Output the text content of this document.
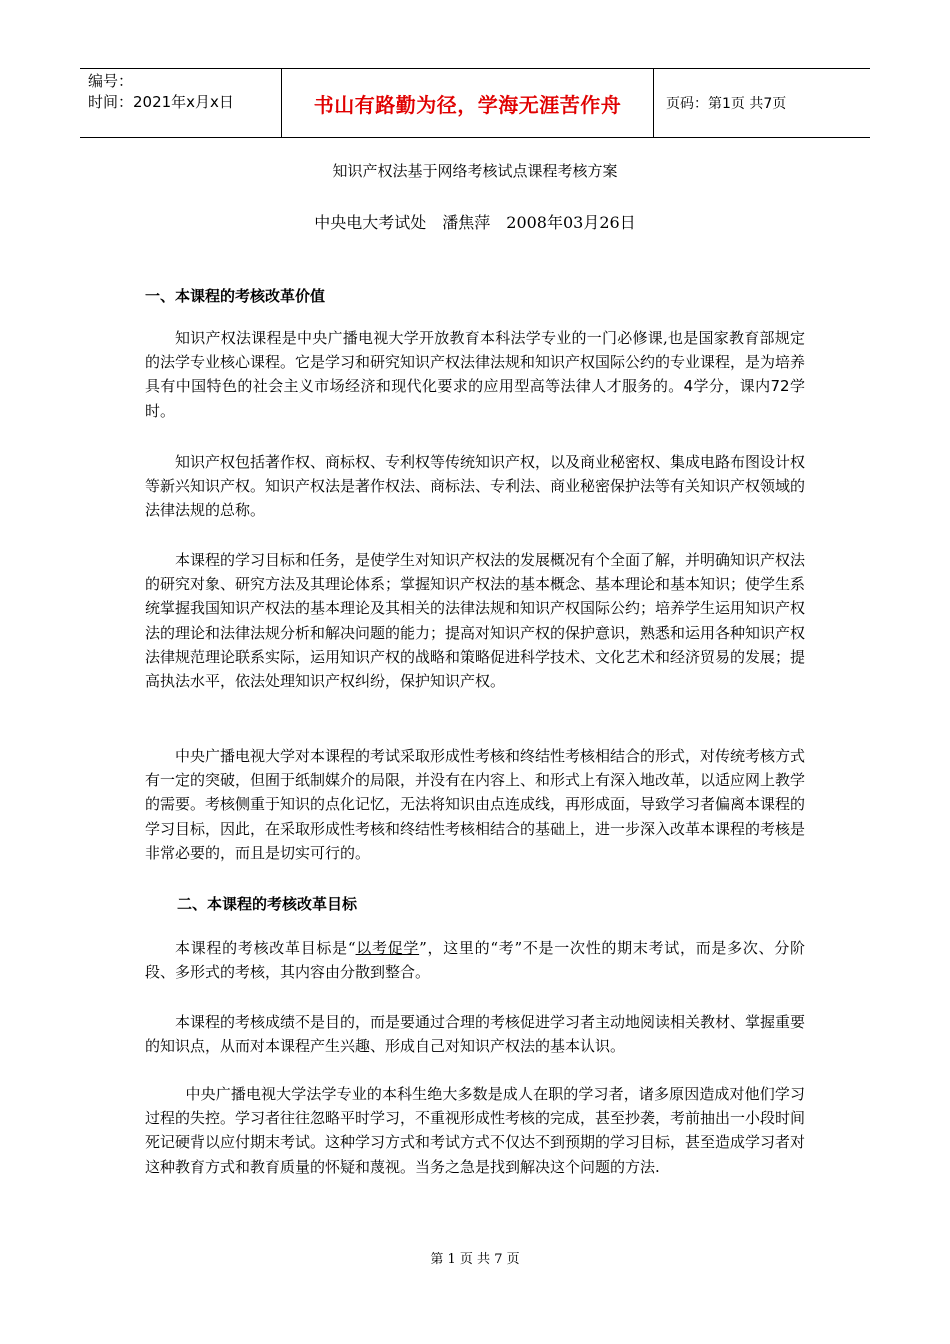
编号：
时间：2021年x月x日	书山有路勤为径，学海无涯苦作舟	页码：第1页 共7页
知识产权法基于网络考核试点课程考核方案
中央电大考试处　潘焦萍　2008年03月26日
一、本课程的考核改革价值

知识产权法课程是中央广播电视大学开放教育本科法学专业的一门必修课,也是国家教育部规定的法学专业核心课程。它是学习和研究知识产权法律法规和知识产权国际公约的专业课程，是为培养具有中国特色的社会主义市场经济和现代化要求的应用型高等法律人才服务的。4学分，课内72学时。

知识产权包括著作权、商标权、专利权等传统知识产权，以及商业秘密权、集成电路布图设计权等新兴知识产权。知识产权法是著作权法、商标法、专利法、商业秘密保护法等有关知识产权领域的法律法规的总称。

本课程的学习目标和任务，是使学生对知识产权法的发展概况有个全面了解，并明确知识产权法的研究对象、研究方法及其理论体系；掌握知识产权法的基本概念、基本理论和基本知识；使学生系统掌握我国知识产权法的基本理论及其相关的法律法规和知识产权国际公约；培养学生运用知识产权法的理论和法律法规分析和解决问题的能力；提高对知识产权的保护意识，熟悉和运用各种知识产权法律规范理论联系实际，运用知识产权的战略和策略促进科学技术、文化艺术和经济贸易的发展；提高执法水平，依法处理知识产权纠纷，保护知识产权。

中央广播电视大学对本课程的考试采取形成性考核和终结性考核相结合的形式，对传统考核方式有一定的突破，但囿于纸制媒介的局限，并没有在内容上、和形式上有深入地改革，以适应网上教学的需要。考核侧重于知识的点化记忆，无法将知识由点连成线，再形成面，导致学习者偏离本课程的学习目标，因此，在采取形成性考核和终结性考核相结合的基础上，进一步深入改革本课程的考核是非常必要的，而且是切实可行的。

二、本课程的考核改革目标

本课程的考核改革目标是“以考促学”，这里的“考”不是一次性的期末考试，而是多次、分阶段、多形式的考核，其内容由分散到整合。

本课程的考核成绩不是目的，而是要通过合理的考核促进学习者主动地阅读相关教材、掌握重要的知识点，从而对本课程产生兴趣、形成自己对知识产权法的基本认识。

中央广播电视大学法学专业的本科生绝大多数是成人在职的学习者，诸多原因造成对他们学习过程的失控。学习者往往忽略平时学习，不重视形成性考核的完成，甚至抄袭，考前抽出一小段时间死记硬背以应付期末考试。这种学习方式和考试方式不仅达不到预期的学习目标，甚至造成学习者对这种教育方式和教育质量的怀疑和蔑视。当务之急是找到解决这个问题的方法.

第 1 页 共 7 页
